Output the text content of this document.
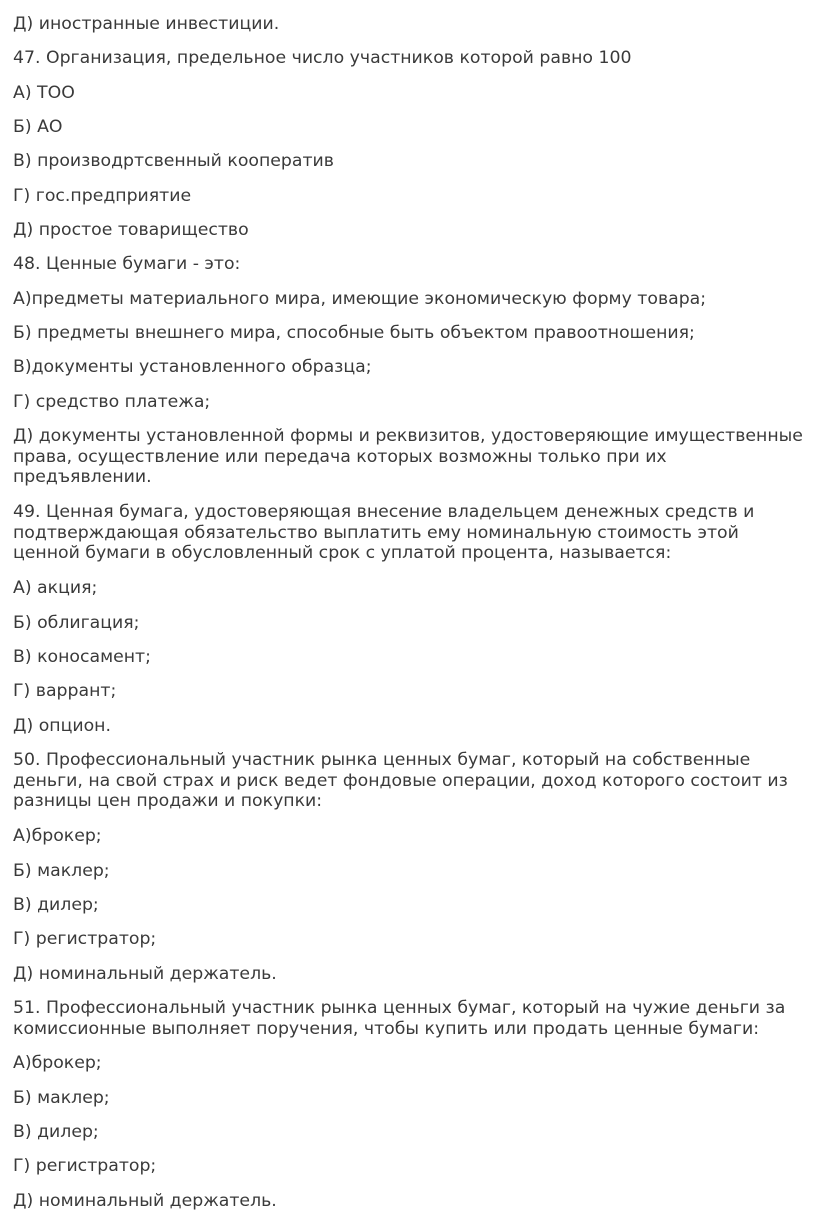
Д) иностранные инвестиции.

47. Организация, предельное число участников которой равно 100

А) ТОО

Б) АО

В) производртсвенный кооператив

Г) гос.предприятие

Д) простое товарищество

48. Ценные бумаги - это:

А)предметы материального мира, имеющие экономическую форму товара;

Б) предметы внешнего мира, способные быть объектом правоотношения;

В)документы установленного образца;

Г) средство платежа;

Д) документы установленной формы и реквизитов, удостоверяющие имущественные права, осуществление или передача которых возможны только при их предъявлении.

49. Ценная бумага, удостоверяющая внесение владельцем денежных средств и подтверждающая обязательство выплатить ему номинальную стоимость этой ценной бумаги в обусловленный срок с уплатой процента, называется:

А) акция;

Б) облигация;

В) коносамент;

Г) варрант;

Д) опцион.

50. Профессиональный участник рынка ценных бумаг, который на собственные деньги, на свой страх и риск ведет фондовые операции, доход которого состоит из разницы цен продажи и покупки:

А)брокер;

Б) маклер;

В) дилер;

Г) регистратор;

Д) номинальный держатель.

51. Профессиональный участник рынка ценных бумаг, который на чужие деньги за комиссионные выполняет поручения, чтобы купить или продать ценные бумаги:

А)брокер;

Б) маклер;

В) дилер;

Г) регистратор;

Д) номинальный держатель.
